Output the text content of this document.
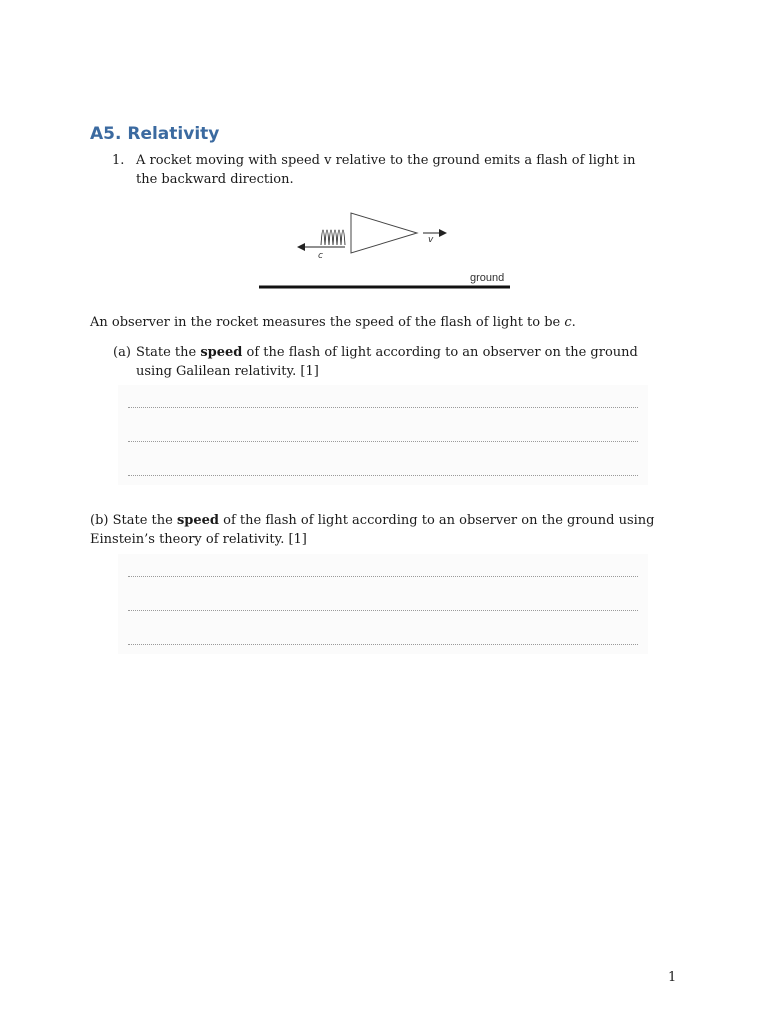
A5. Relativity
1. A rocket moving with speed v relative to the ground emits a flash of light in the backward direction.
c
v
ground
An observer in the rocket measures the speed of the flash of light to be c.
(a) State the speed of the flash of light according to an observer on the ground using Galilean relativity. [1]
(b) State the speed of the flash of light according to an observer on the ground using Einstein’s theory of relativity. [1]
1
